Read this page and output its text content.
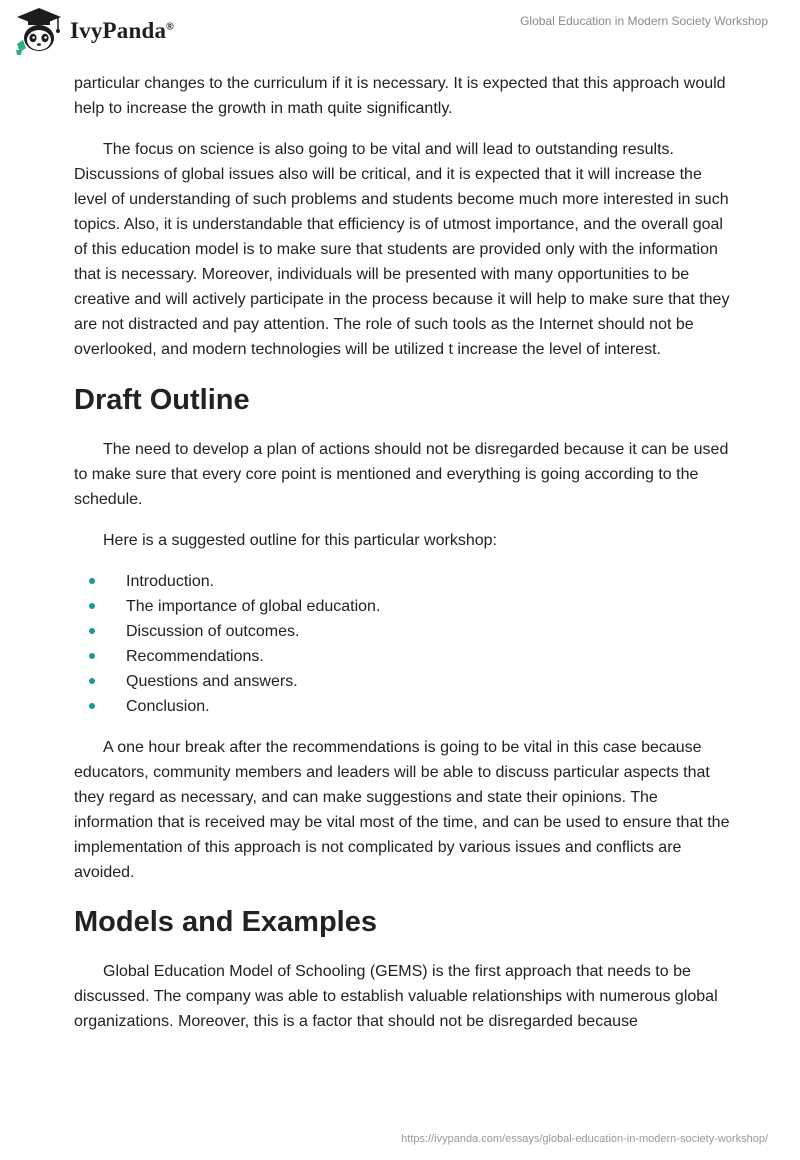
IvyPanda®	Global Education in Modern Society Workshop

particular changes to the curriculum if it is necessary. It is expected that this approach would help to increase the growth in math quite significantly.

The focus on science is also going to be vital and will lead to outstanding results. Discussions of global issues also will be critical, and it is expected that it will increase the level of understanding of such problems and students become much more interested in such topics. Also, it is understandable that efficiency is of utmost importance, and the overall goal of this education model is to make sure that students are provided only with the information that is necessary. Moreover, individuals will be presented with many opportunities to be creative and will actively participate in the process because it will help to make sure that they are not distracted and pay attention. The role of such tools as the Internet should not be overlooked, and modern technologies will be utilized t increase the level of interest.

Draft Outline

The need to develop a plan of actions should not be disregarded because it can be used to make sure that every core point is mentioned and everything is going according to the schedule.

Here is a suggested outline for this particular workshop:

Introduction.
The importance of global education.
Discussion of outcomes.
Recommendations.
Questions and answers.
Conclusion.

A one hour break after the recommendations is going to be vital in this case because educators, community members and leaders will be able to discuss particular aspects that they regard as necessary, and can make suggestions and state their opinions. The information that is received may be vital most of the time, and can be used to ensure that the implementation of this approach is not complicated by various issues and conflicts are avoided.

Models and Examples

Global Education Model of Schooling (GEMS) is the first approach that needs to be discussed. The company was able to establish valuable relationships with numerous global organizations. Moreover, this is a factor that should not be disregarded because

https://ivypanda.com/essays/global-education-in-modern-society-workshop/
